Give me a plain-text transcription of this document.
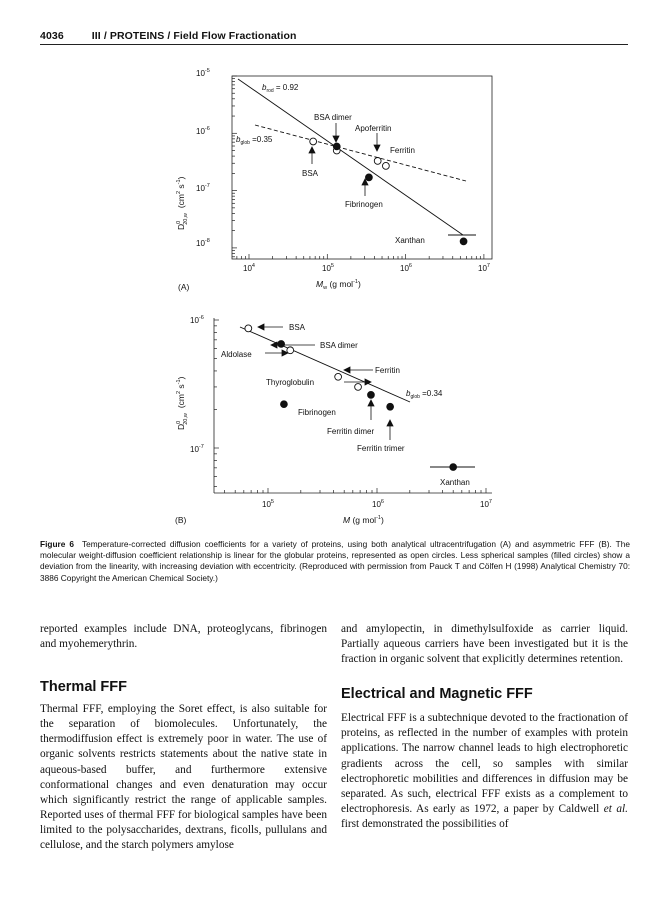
4036	III / PROTEINS / Field Flow Fractionation
$10^{-5}$
$10^{-6}$
$10^{-7}$
$10^{-8}$
$10^4$	$10^5$	$10^6$	$10^7$
$D^020,w(cm^2$ $s^{-1}$)
$M_w$ (g mol$^{-1}$)
(A)
$b_{rod} = 0.92$
$b_{glob} =0.35$
BSA dimer
Apoferritin
Ferritin
BSA
Fibrinogen
Xanthan
$10^{-6}$
$10^{-7}$
$10^5$	$10^6$	$10^7$
$D^020,w(cm^2$ $s^{-1}$)
M (g mol$^{-1}$)
(B)
BSA
BSA dimer
Aldolase
Ferritin
Thyroglobulin
Fibrinogen
Ferritin dimer
Ferritin trimer
Xanthan
$b_{glob} =0.34$
Figure 6 Temperature-corrected diffusion coefficients for a variety of proteins, using both analytical ultracentrifugation (A) and asymmetric FFF (B). The molecular weight-diffusion coefficient relationship is linear for the globular proteins, represented as open circles. Less spherical samples (filled circles) show a deviation from the linearity, with increasing deviation with eccentricity. (Reproduced with permission from Pauck T and Cölfen H (1998) Analytical Chemistry 70: 3886 Copyright the American Chemical Society.)

reported examples include DNA, proteoglycans, fibrinogen and myohemerythrin.

Thermal FFF

Thermal FFF, employing the Soret effect, is also suitable for the separation of biomolecules. Unfortunately, the thermodiffusion effect is extremely poor in water. The use of organic solvents restricts statements about the native state in aqueous-based buffer, and furthermore extensive conformational changes and even denaturation may occur which significantly restrict the range of applicable samples. Reported uses of thermal FFF for biological samples have been limited to the polysaccharides, dextrans, ficolls, pullulans and cellulose, and the starch polymers amylose

and amylopectin, in dimethylsulfoxide as carrier liquid. Partially aqueous carriers have been investigated but it is the fraction in organic solvent that explicitly determines retention.

Electrical and Magnetic FFF

Electrical FFF is a subtechnique devoted to the fractionation of proteins, as reflected in the number of examples with protein applications. The narrow channel leads to high electrophoretic gradients across the cell, so samples with similar electrophoretic mobilities and differences in diffusion may be separated. As such, electrical FFF exists as a complement to electrophoresis. As early as 1972, a paper by Caldwell et al. first demonstrated the possibilities of
